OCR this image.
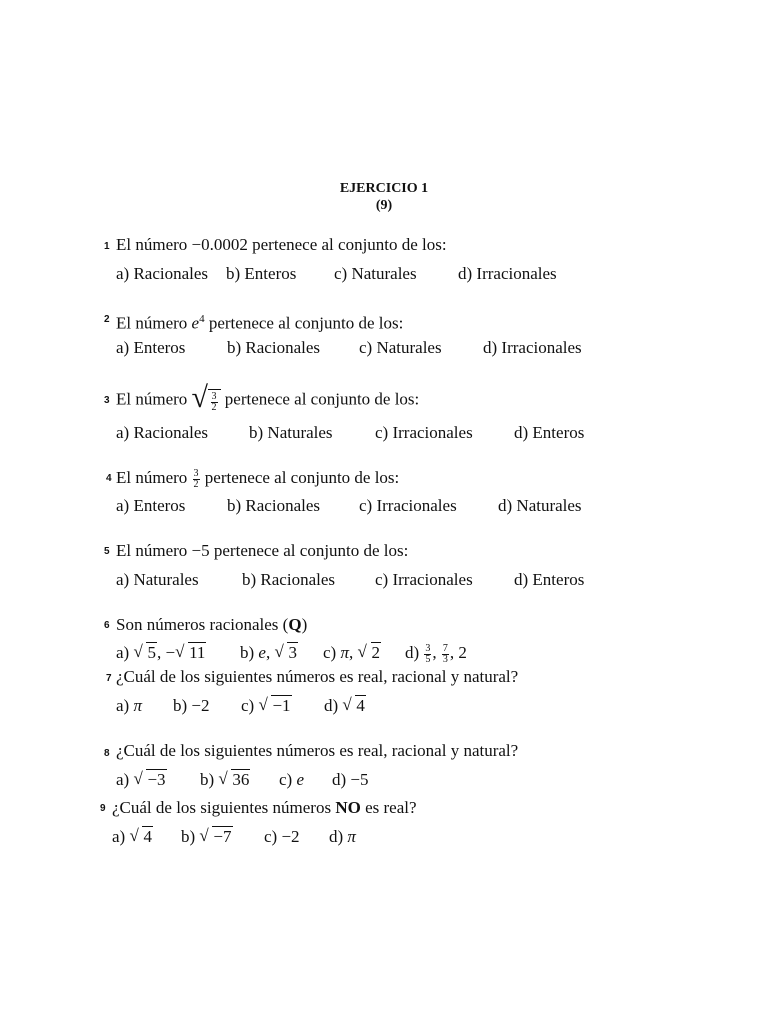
EJERCICIO 1
(9)
1 El número −0.0002 pertenece al conjunto de los:
a) Racionales b) Enteros c) Naturales d) Irracionales
2 El número $e^4$ pertenece al conjunto de los:
a) Enteros b) Racionales c) Naturales d) Irracionales
3 El número √ $\frac{3}{2}$ pertenece al conjunto de los:
a) Racionales b) Naturales c) Irracionales d) Enteros
4 El número $\frac{3}{2}$ pertenece al conjunto de los:
a) Enteros b) Racionales c) Irracionales d) Naturales
5 El número −5 pertenece al conjunto de los:
a) Naturales	b) Racionales c) Irracionales d) Enteros
6 Son números racionales (Q)
a) √ 5, − √ 11 b) e, √ 3 c) π, √ 2 $d) \frac{3}{5}$ , $\frac{7}{3}$ , 2
7 ¿Cuál de los siguientes números es real, racional y natural?
a) π b) −2 c) √ −1 d) √ 4
8 ¿Cuál de los siguientes números es real, racional y natural?
a) √ −3 b) √ 36 c) e d) −5
9 ¿Cuál de los siguientes números NO es real?
a) √ 4 b) √ −7 c) −2 d) π
